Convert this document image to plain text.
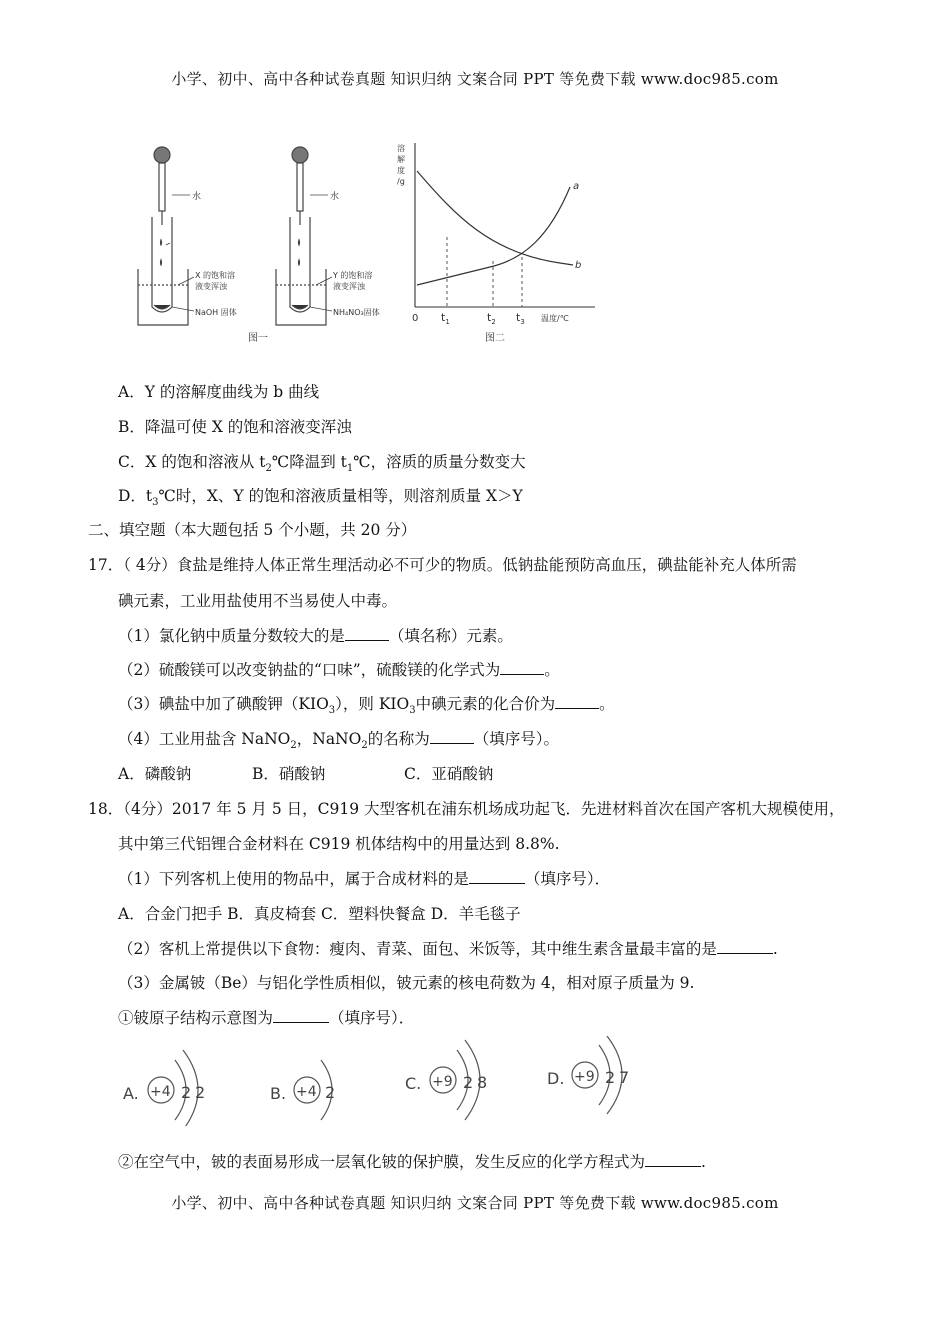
小学、初中、高中各种试卷真题 知识归纳 文案合同 PPT 等免费下载 www.doc985.com
水
X 的饱和溶
液变浑浊
NaOH 固体
水
Y 的饱和溶
液变浑浊
NH₄NO₃固体
图一
溶
解
度
/g	a
b
0 $t_1$	$t_2$ $t_3$ 温度/℃
图二
A．Y 的溶解度曲线为 b 曲线
B．降温可使 X 的饱和溶液变浑浊
C．X 的饱和溶液从 $t_2℃$降温到 $t_1℃$，溶质的质量分数变大
D．$t_3℃$时，X、Y 的饱和溶液质量相等，则溶剂质量 X＞Y
二、填空题（本大题包括 5 个小题，共 20 分）
17．（ 4分）食盐是维持人体正常生理活动必不可少的物质。低钠盐能预防高血压，碘盐能补充人体所需
碘元素，工业用盐使用不当易使人中毒。
（1）氯化钠中质量分数较大的是	（填名称）元素。
（2）硫酸镁可以改变钠盐的“口味”，硫酸镁的化学式为	。
（3）碘盐中加了碘酸钾$(KIO_3)$，则 $KIO_3$中碘元素的化合价为	。
（4）工业用盐含 NaNO$_2$，NaNO$_2$的名称为	（填序号）。
A．磷酸钠	B．硝酸钠	C．亚硝酸钠
18．（4分）2017 年 5 月 5 日，C919 大型客机在浦东机场成功起飞．先进材料首次在国产客机大规模使用，
其中第三代铝锂合金材料在 C919 机体结构中的用量达到 8.8%.
（1）下列客机上使用的物品中，属于合成材料的是	（填序号）．
A．合金门把手 B．真皮椅套 C．塑料快餐盒 D．羊毛毯子
（2）客机上常提供以下食物：瘦肉、青菜、面包、米饭等，其中维生素含量最丰富的是	.
（3）金属铍（Be）与铝化学性质相似，铍元素的核电荷数为 4，相对原子质量为 9.
①铍原子结构示意图为	（填序号）．
A. +4 2 2	B. +4 2	C. +9 2 8	D. +9 2 7
②在空气中，铍的表面易形成一层氧化铍的保护膜，发生反应的化学方程式为	.
小学、初中、高中各种试卷真题 知识归纳 文案合同 PPT 等免费下载 www.doc985.com
